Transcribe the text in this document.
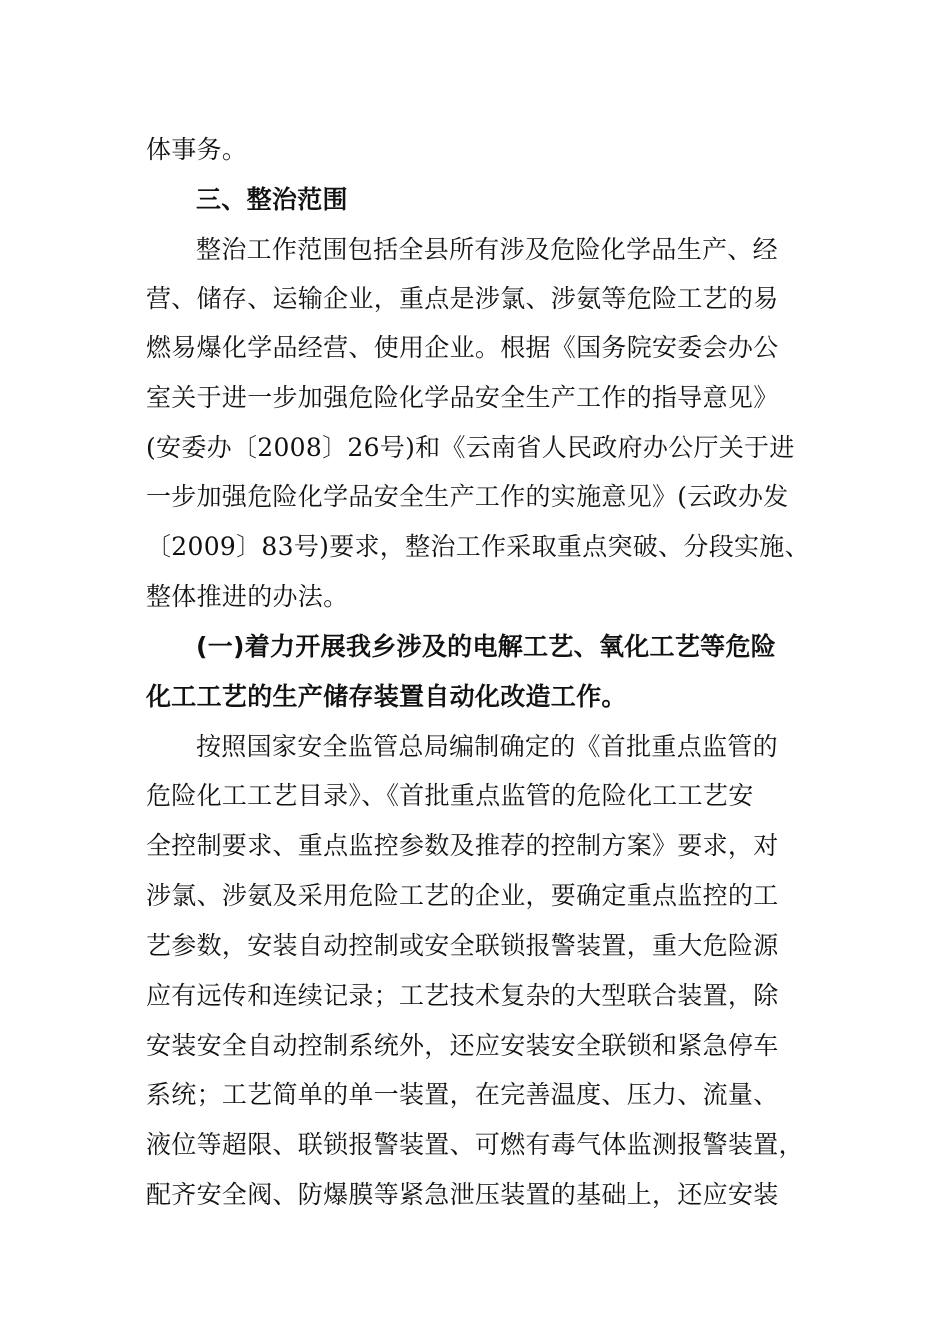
体事务。
三、整治范围
整治工作范围包括全县所有涉及危险化学品生产、经
营、储存、运输企业，重点是涉氯、涉氨等危险工艺的易
燃易爆化学品经营、使用企业。根据《国务院安委会办公
室关于进一步加强危险化学品安全生产工作的指导意见》
(安委办〔2008〕26号)和《云南省人民政府办公厅关于进
一步加强危险化学品安全生产工作的实施意见》(云政办发
〔2009〕83号)要求，整治工作采取重点突破、分段实施、
整体推进的办法。
(一)着力开展我乡涉及的电解工艺、氧化工艺等危险
化工工艺的生产储存装置自动化改造工作。
按照国家安全监管总局编制确定的《首批重点监管的
危险化工工艺目录》、《首批重点监管的危险化工工艺安
全控制要求、重点监控参数及推荐的控制方案》要求，对
涉氯、涉氨及采用危险工艺的企业，要确定重点监控的工
艺参数，安装自动控制或安全联锁报警装置，重大危险源
应有远传和连续记录；工艺技术复杂的大型联合装置，除
安装安全自动控制系统外，还应安装安全联锁和紧急停车
系统；工艺简单的单一装置，在完善温度、压力、流量、
液位等超限、联锁报警装置、可燃有毒气体监测报警装置，
配齐安全阀、防爆膜等紧急泄压装置的基础上，还应安装
